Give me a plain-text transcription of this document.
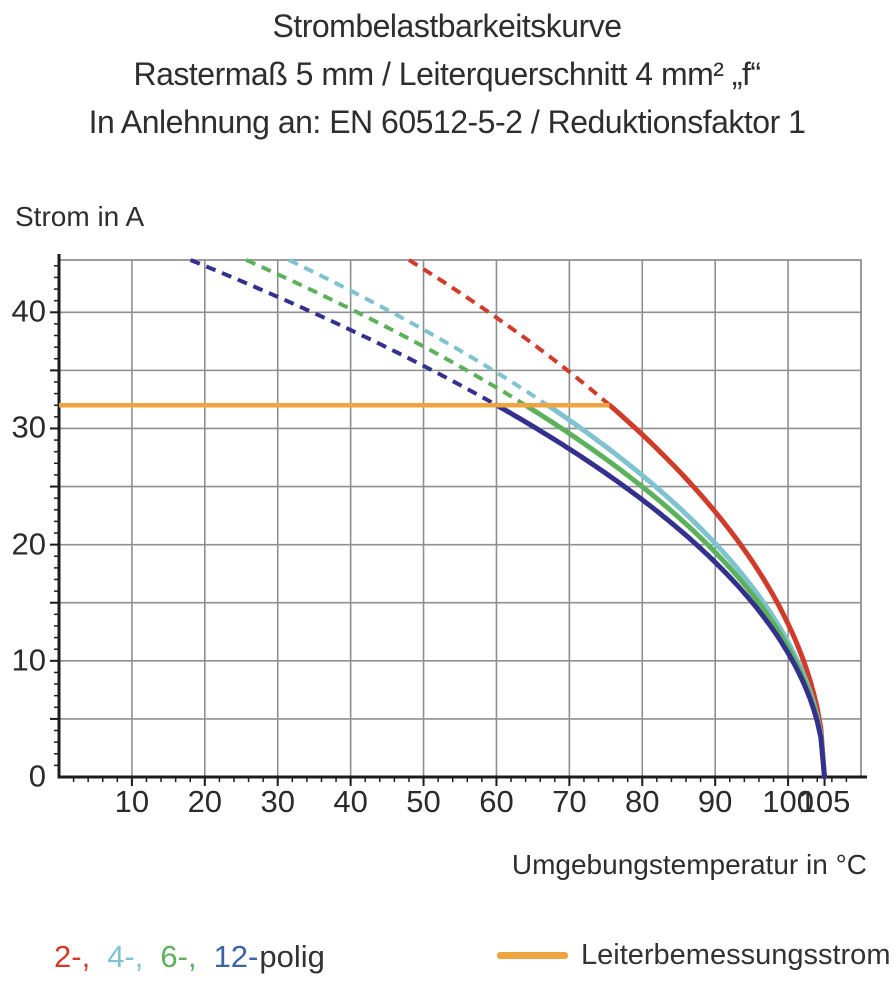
Strombelastbarkeitskurve
Rastermaß 5 mm / Leiterquerschnitt 4 mm² „f“
In Anlehnung an: EN 60512-5-2 / Reduktionsfaktor 1
Strom in A
10 20 30 40 50 60 70 80 90 100
105
0
10
20
30
40
Umgebungstemperatur in °C
2-, 4-, 6-, 12- polig	Leiterbemessungsstrom
